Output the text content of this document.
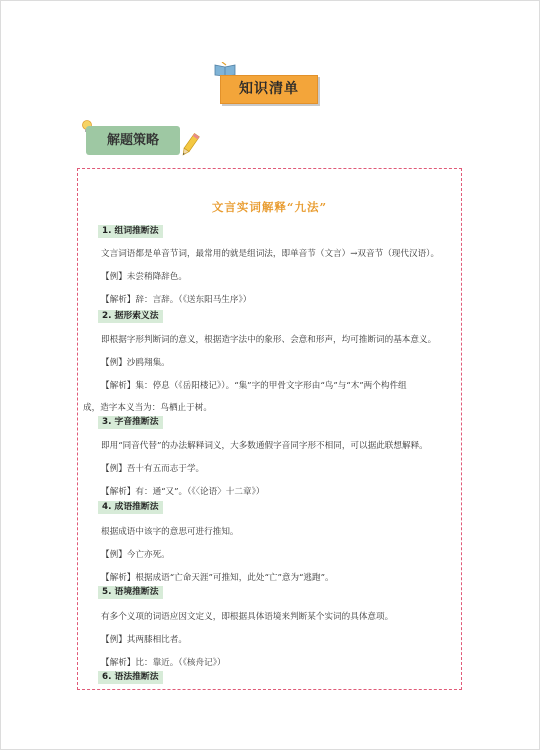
知识清单
解题策略
文言实词解释“九法”
1. 组词推断法
文言词语都是单音节词，最常用的就是组词法，即单音节（文言）→双音节（现代汉语）。
【例】未尝稍降辞色。
【解析】辞：言辞。（《送东阳马生序》）
2. 据形索义法
即根据字形判断词的意义，根据造字法中的象形、会意和形声，均可推断词的基本意义。
【例】沙鸥翔集。
【解析】集：停息（《岳阳楼记》）。“集”字的甲骨文字形由“鸟”与“木”两个构件组
成，造字本义当为：鸟栖止于树。
3. 字音推断法
即用“同音代替”的办法解释词义，大多数通假字音同字形不相同，可以据此联想解释。
【例】吾十有五而志于学。
【解析】有：通“又”。（《〈论语〉十二章》）
4. 成语推断法
根据成语中该字的意思可进行推知。
【例】今亡亦死。
【解析】根据成语“亡命天涯”可推知，此处“亡”意为“逃跑”。
5. 语境推断法
有多个义项的词语应因文定义，即根据具体语境来判断某个实词的具体意项。
【例】其两膝相比者。
【解析】比：靠近。（《核舟记》）
6. 语法推断法
